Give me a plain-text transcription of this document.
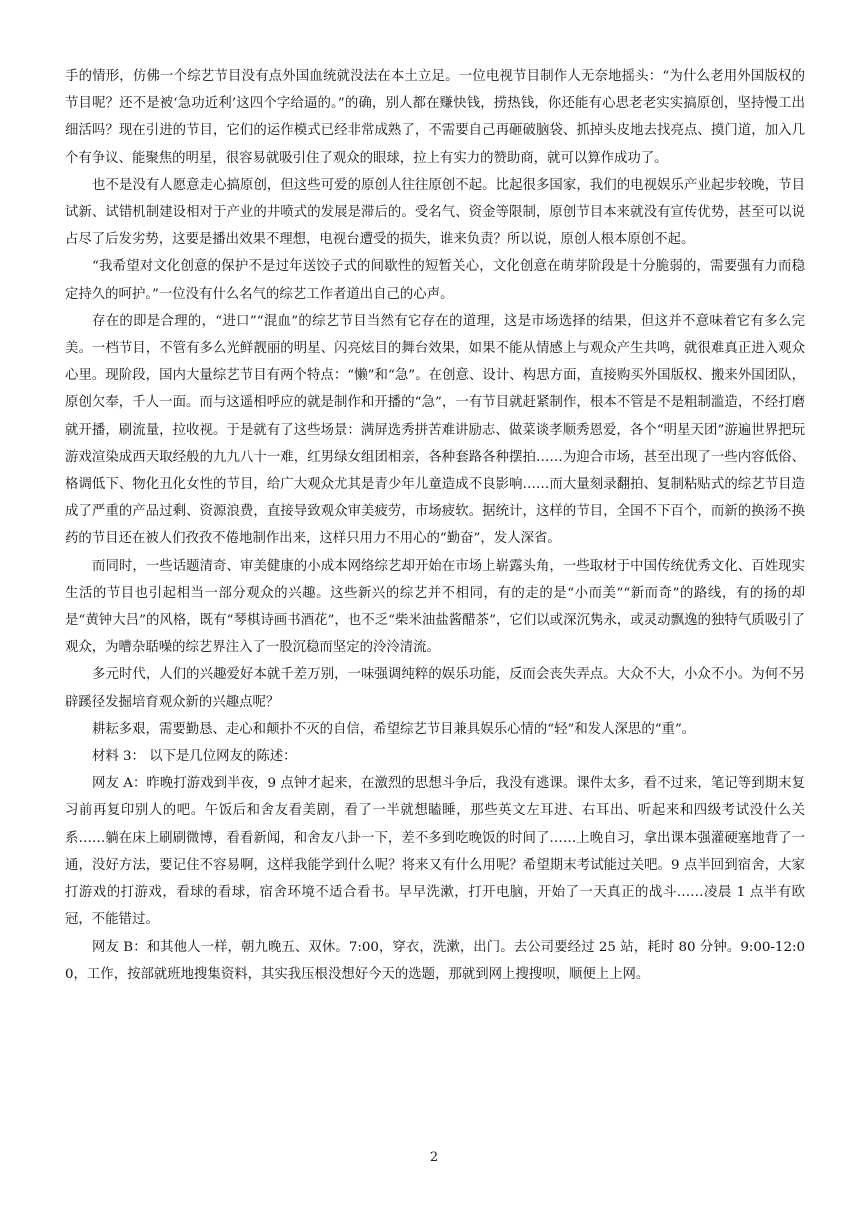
手的情形，仿佛一个综艺节目没有点外国血统就没法在本土立足。一位电视节目制作人无奈地摇头：“为什么老用外国版权的节目呢？还不是被‘急功近利’这四个字给逼的。”的确，别人都在赚快钱，捞热钱，你还能有心思老老实实搞原创，坚持慢工出细活吗？现在引进的节目，它们的运作模式已经非常成熟了，不需要自己再砸破脑袋、抓掉头皮地去找亮点、摸门道，加入几个有争议、能聚焦的明星，很容易就吸引住了观众的眼球，拉上有实力的赞助商，就可以算作成功了。

也不是没有人愿意走心搞原创，但这些可爱的原创人往往原创不起。比起很多国家，我们的电视娱乐产业起步较晚，节目试新、试错机制建设相对于产业的井喷式的发展是滞后的。受名气、资金等限制，原创节目本来就没有宣传优势，甚至可以说占尽了后发劣势，这要是播出效果不理想，电视台遭受的损失，谁来负责？所以说，原创人根本原创不起。

“我希望对文化创意的保护不是过年送饺子式的间歇性的短暂关心，文化创意在萌芽阶段是十分脆弱的，需要强有力而稳定持久的呵护。”一位没有什么名气的综艺工作者道出自己的心声。

存在的即是合理的，“进口”“混血”的综艺节目当然有它存在的道理，这是市场选择的结果，但这并不意味着它有多么完美。一档节目，不管有多么光鲜靓丽的明星、闪亮炫目的舞台效果，如果不能从情感上与观众产生共鸣，就很难真正进入观众心里。现阶段，国内大量综艺节目有两个特点：“懒”和“急”。在创意、设计、构思方面，直接购买外国版权、搬来外国团队，原创欠奉，千人一面。而与这遥相呼应的就是制作和开播的“急”，一有节目就赶紧制作，根本不管是不是粗制滥造，不经打磨就开播，刷流量，拉收视。于是就有了这些场景：满屏选秀拼苦难讲励志、做菜谈孝顺秀恩爱，各个“明星天团”游遍世界把玩游戏渲染成西天取经般的九九八十一难，红男绿女组团相亲，各种套路各种摆拍……为迎合市场，甚至出现了一些内容低俗、格调低下、物化丑化女性的节目，给广大观众尤其是青少年儿童造成不良影响……而大量刻录翻拍、复制粘贴式的综艺节目造成了严重的产品过剩、资源浪费，直接导致观众审美疲劳，市场疲软。据统计，这样的节目，全国不下百个，而新的换汤不换药的节目还在被人们孜孜不倦地制作出来，这样只用力不用心的“勤奋”，发人深省。

而同时，一些话题清奇、审美健康的小成本网络综艺却开始在市场上崭露头角，一些取材于中国传统优秀文化、百姓现实生活的节目也引起相当一部分观众的兴趣。这些新兴的综艺并不相同，有的走的是“小而美”“新而奇”的路线，有的扬的却是“黄钟大吕”的风格，既有“琴棋诗画书酒花”，也不乏“柴米油盐酱醋茶”，它们以或深沉隽永，或灵动飘逸的独特气质吸引了观众，为嘈杂聒噪的综艺界注入了一股沉稳而坚定的泠泠清流。

多元时代，人们的兴趣爱好本就千差万别，一味强调纯粹的娱乐功能，反而会丧失弄点。大众不大，小众不小。为何不另辟蹊径发掘培育观众新的兴趣点呢？

耕耘多艰，需要勤恳、走心和颠扑不灭的自信，希望综艺节目兼具娱乐心情的“轻”和发人深思的“重”。

材料 3： 以下是几位网友的陈述：

网友 A：昨晚打游戏到半夜，9 点钟才起来，在激烈的思想斗争后，我没有逃课。课件太多，看不过来，笔记等到期末复习前再复印别人的吧。午饭后和舍友看美剧，看了一半就想瞌睡，那些英文左耳进、右耳出、听起来和四级考试没什么关系……躺在床上刷刷微博，看看新闻，和舍友八卦一下，差不多到吃晚饭的时间了……上晚自习，拿出课本强灌硬塞地背了一通，没好方法，要记住不容易啊，这样我能学到什么呢？将来又有什么用呢？希望期末考试能过关吧。9 点半回到宿舍，大家打游戏的打游戏，看球的看球，宿舍环境不适合看书。早早洗漱，打开电脑，开始了一天真正的战斗……凌晨 1 点半有欧冠，不能错过。

网友 B：和其他人一样，朝九晚五、双休。7:00，穿衣，洗漱，出门。去公司要经过 25 站，耗时 80 分钟。9:00-12:00，工作，按部就班地搜集资料，其实我压根没想好今天的选题，那就到网上搜搜呗，顺便上上网。

2
